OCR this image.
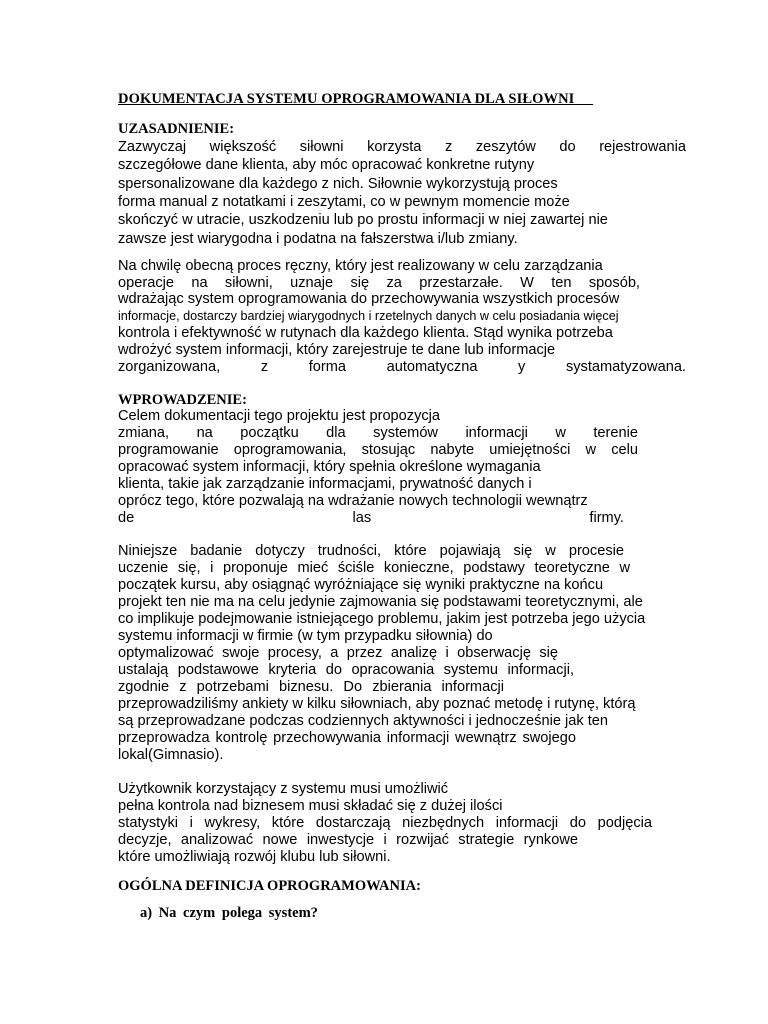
DOKUMENTACJA SYSTEMU OPROGRAMOWANIA DLA SIŁOWNI
UZASADNIENIE:
Zazwyczaj większość siłowni korzysta z zeszytów do rejestrowania
szczegółowe dane klienta, aby móc opracować konkretne rutyny
spersonalizowane dla każdego z nich. Siłownie wykorzystują proces
forma manual z notatkami i zeszytami, co w pewnym momencie może
skończyć w utracie, uszkodzeniu lub po prostu informacji w niej zawartej nie
zawsze jest wiarygodna i podatna na fałszerstwa i/lub zmiany.
Na chwilę obecną proces ręczny, który jest realizowany w celu zarządzania
operacje na siłowni, uznaje się za przestarzałe. W ten sposób,
wdrażając system oprogramowania do przechowywania wszystkich procesów
informacje, dostarczy bardziej wiarygodnych i rzetelnych danych w celu posiadania więcej
kontrola i efektywność w rutynach dla każdego klienta. Stąd wynika potrzeba
wdrożyć system informacji, który zarejestruje te dane lub informacje
zorganizowana, z forma automatyczna y systamatyzowana.
WPROWADZENIE:
Celem dokumentacji tego projektu jest propozycja
zmiana, na początku dla systemów informacji w terenie
programowanie oprogramowania, stosując nabyte umiejętności w celu
opracować system informacji, który spełnia określone wymagania
klienta, takie jak zarządzanie informacjami, prywatność danych i
oprócz tego, które pozwalają na wdrażanie nowych technologii wewnątrz
de las firmy.
Niniejsze badanie dotyczy trudności, które pojawiają się w procesie
uczenie się, i proponuje mieć ściśle konieczne, podstawy teoretyczne w
początek kursu, aby osiągnąć wyróżniające się wyniki praktyczne na końcu
projekt ten nie ma na celu jedynie zajmowania się podstawami teoretycznymi, ale
co implikuje podejmowanie istniejącego problemu, jakim jest potrzeba jego użycia
systemu informacji w firmie (w tym przypadku siłownia) do
optymalizować swoje procesy, a przez analizę i obserwację się
ustalają podstawowe kryteria do opracowania systemu informacji,
zgodnie z potrzebami biznesu. Do zbierania informacji
przeprowadziliśmy ankiety w kilku siłowniach, aby poznać metodę i rutynę, którą
są przeprowadzane podczas codziennych aktywności i jednocześnie jak ten
przeprowadza kontrolę przechowywania informacji wewnątrz swojego
lokal(Gimnasio).
Użytkownik korzystający z systemu musi umożliwić
pełna kontrola nad biznesem musi składać się z dużej ilości
statystyki i wykresy, które dostarczają niezbędnych informacji do podjęcia
decyzje, analizować nowe inwestycje i rozwijać strategie rynkowe
które umożliwiają rozwój klubu lub siłowni.
OGÓLNA DEFINICJA OPROGRAMOWANIA:
a) Na czym polega system?
